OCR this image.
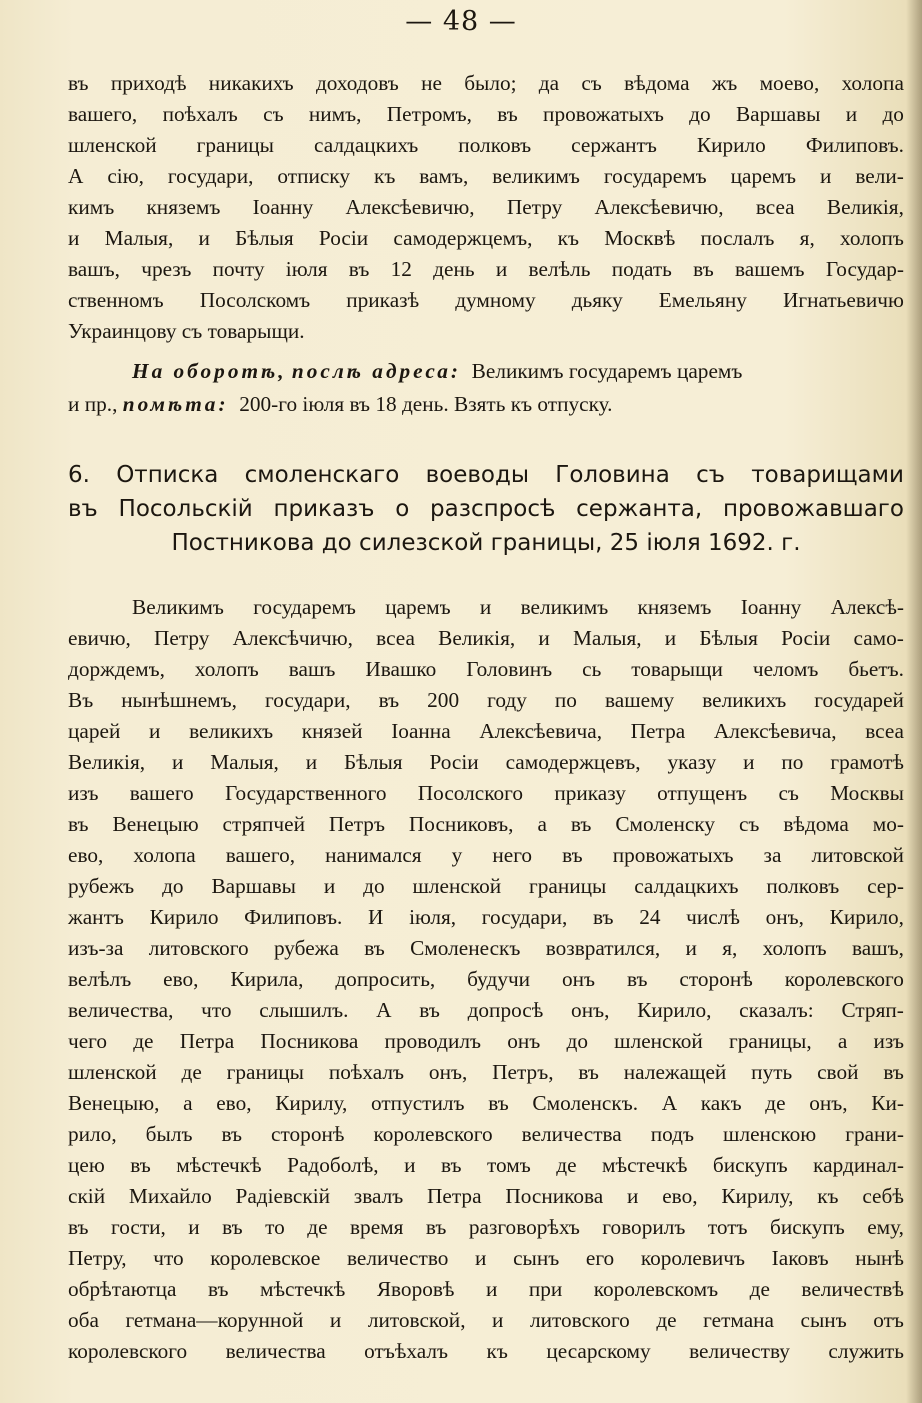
— 48 —
въ приходѣ никакихъ доходовъ не было; да съ вѣдома жъ моево, холопа
вашего, поѣхалъ съ нимъ, Петромъ, въ провожатыхъ до Варшавы и до
шленской границы салдацкихъ полковъ сержантъ Кирило Филиповъ.
А сію, государи, отписку къ вамъ, великимъ государемъ царемъ и вели-
кимъ княземъ Іоанну Алексѣевичю, Петру Алексѣевичю, всеа Великія,
и Малыя, и Бѣлыя Росіи самодержцемъ, къ Москвѣ послалъ я, холопъ
вашъ, чрезъ почту іюля въ 12 день и велѣль подать въ вашемъ Государ-
ственномъ Посолскомъ приказѣ думному дьяку Емельяну Игнатьевичю
Украинцову съ товарыщи.
На оборотѣ,
послѣ адреса:
Великимъ государемъ царемъ
и пр.,
помѣта:
200-го іюля въ 18 день. Взять къ отпуску.
6. Отписка смоленскаго воеводы Головина съ товарищами
въ Посольскій приказъ о разспросѣ сержанта, провожавшаго
Постникова до силезской границы, 25 іюля 1692. г.
Великимъ государемъ царемъ и великимъ княземъ Іоанну Алексѣ-
евичю, Петру Алексѣчичю, всеа Великія, и Малыя, и Бѣлыя Росіи само-
дорждемъ, холопъ вашъ Ивашко Головинъ сь товарыщи челомъ бьетъ.
Въ нынѣшнемъ, государи, въ 200 году по вашему великихъ государей
царей и великихъ князей Іоанна Алексѣевича, Петра Алексѣевича, всеа
Великія, и Малыя, и Бѣлыя Росіи самодержцевъ, указу и по грамотѣ
изъ вашего Государственного Посолского приказу отпущенъ съ Москвы
въ Венецыю стряпчей Петръ Посниковъ, а въ Смоленску съ вѣдома мо-
ево, холопа вашего, нанимался у него въ провожатыхъ за литовской
рубежъ до Варшавы и до шленской границы салдацкихъ полковъ сер-
жантъ Кирило Филиповъ. И іюля, государи, въ 24 числѣ онъ, Кирило,
изъ-за литовского рубежа въ Смоленескъ возвратился, и я, холопъ вашъ,
велѣлъ ево, Кирила, допросить, будучи онъ въ сторонѣ королевского
величества, что слышилъ. А въ допросѣ онъ, Кирило, сказалъ: Стряп-
чего де Петра Посникова проводилъ онъ до шленской границы, а изъ
шленской де границы поѣхалъ онъ, Петръ, въ належащей путь свой въ
Венецыю, а ево, Кирилу, отпустилъ въ Смоленскъ. А какъ де онъ, Ки-
рило, былъ въ сторонѣ королевского величества подъ шленскою грани-
цею въ мѣстечкѣ Радоболѣ, и въ томъ де мѣстечкѣ бискупъ кардинал-
скій Михайло Радіевскій звалъ Петра Посникова и ево, Кирилу, къ себѣ
въ гости, и въ то де время въ разговорѣхъ говорилъ тотъ бискупъ ему,
Петру, что королевское величество и сынъ его королевичъ Іаковъ нынѣ
обрѣтаютца въ мѣстечкѣ Яворовѣ и при королевскомъ де величествѣ
оба гетмана—корунной и литовской, и литовского де гетмана сынъ отъ
королевского величества отъѣхалъ къ цесарскому величеству служить
